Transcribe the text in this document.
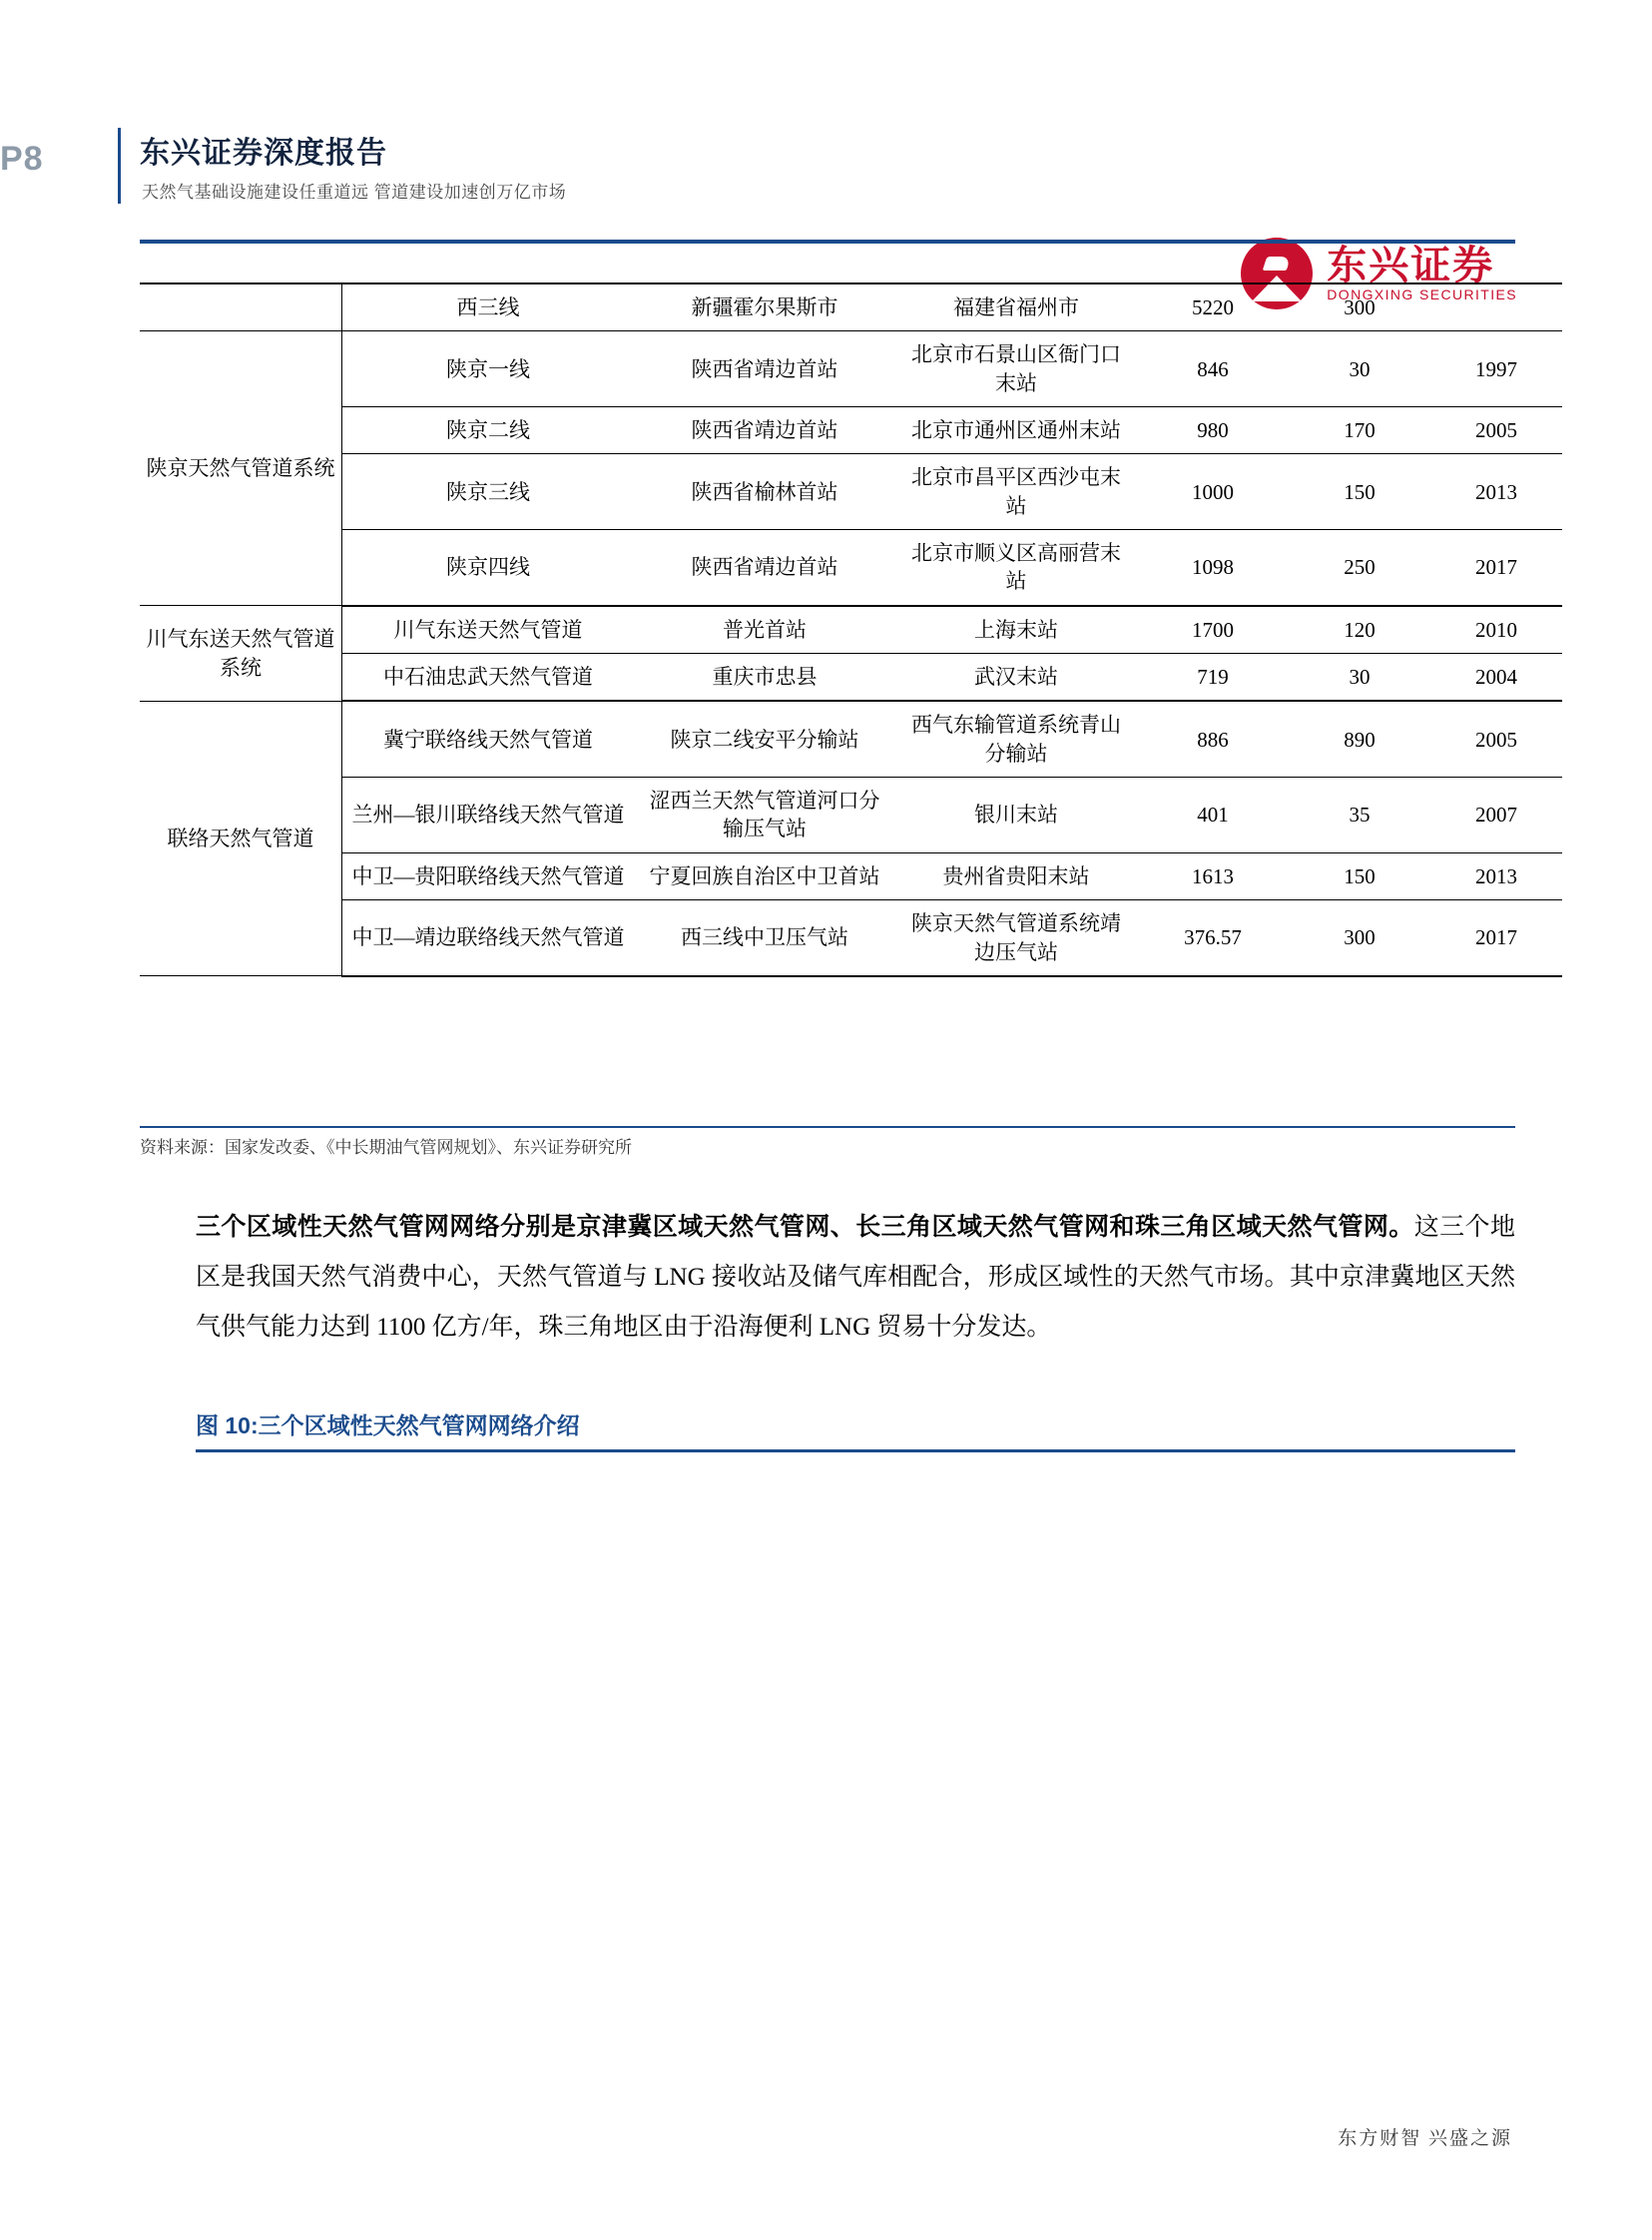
P8	东兴证券深度报告
天然气基础设施建设任重道远 管道建设加速创万亿市场
东兴证券
DONGXING SECURITIES
	西三线	新疆霍尔果斯市	福建省福州市	5220	300	
陕京天然气管道系统	陕京一线	陕西省靖边首站	北京市石景山区衙门口末站	846	30	1997
	陕京二线	陕西省靖边首站	北京市通州区通州末站	980	170	2005
	陕京三线	陕西省榆林首站	北京市昌平区西沙屯末站	1000	150	2013
	陕京四线	陕西省靖边首站	北京市顺义区高丽营末站	1098	250	2017
川气东送天然气管道系统	川气东送天然气管道	普光首站	上海末站	1700	120	2010
	中石油忠武天然气管道	重庆市忠县	武汉末站	719	30	2004
联络天然气管道	冀宁联络线天然气管道	陕京二线安平分输站	西气东输管道系统青山分输站	886	890	2005
	兰州—银川联络线天然气管道	涩西兰天然气管道河口分输压气站	银川末站	401	35	2007
	中卫—贵阳联络线天然气管道	宁夏回族自治区中卫首站	贵州省贵阳末站	1613	150	2013
	中卫—靖边联络线天然气管道	西三线中卫压气站	陕京天然气管道系统靖边压气站	376.57	300	2017
资料来源：国家发改委、《中长期油气管网规划》、东兴证券研究所
三个区域性天然气管网网络分别是京津冀区域天然气管网、长三角区域天然气管网和珠三角区域天然气管网。这三个地区是我国天然气消费中心，天然气管道与 LNG 接收站及储气库相配合，形成区域性的天然气市场。其中京津冀地区天然气供气能力达到 1100 亿方/年，珠三角地区由于沿海便利 LNG 贸易十分发达。
图 10:三个区域性天然气管网网络介绍
东方财智 兴盛之源
